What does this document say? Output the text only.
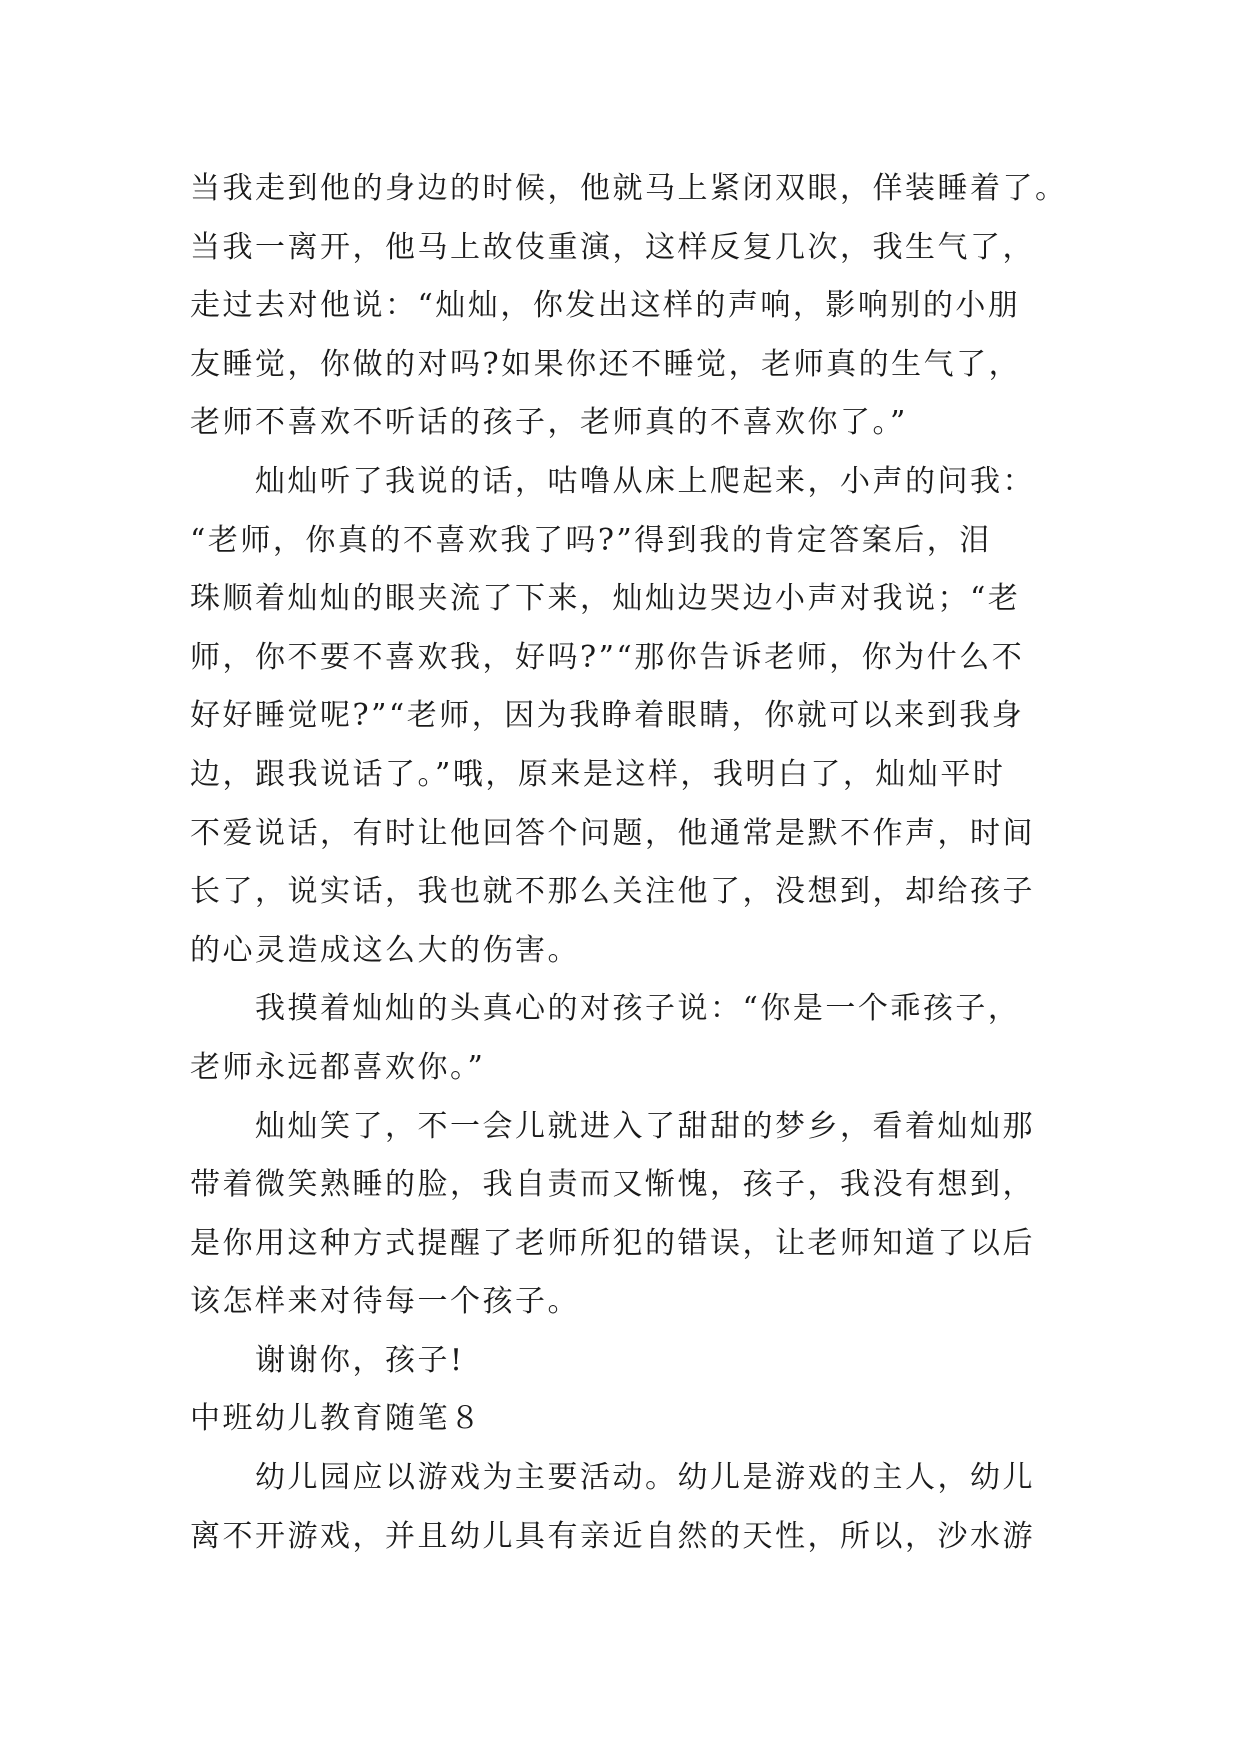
当我走到他的身边的时候，他就马上紧闭双眼，佯装睡着了。
当我一离开，他马上故伎重演，这样反复几次，我生气了，
走过去对他说：“灿灿，你发出这样的声响，影响别的小朋
友睡觉，你做的对吗?如果你还不睡觉，老师真的生气了，
老师不喜欢不听话的孩子，老师真的不喜欢你了。”
灿灿听了我说的话，咕噜从床上爬起来，小声的问我：
“老师，你真的不喜欢我了吗?”得到我的肯定答案后，泪
珠顺着灿灿的眼夹流了下来，灿灿边哭边小声对我说；“老
师，你不要不喜欢我，好吗?”“那你告诉老师，你为什么不
好好睡觉呢?”“老师，因为我睁着眼睛，你就可以来到我身
边，跟我说话了。”哦，原来是这样，我明白了，灿灿平时
不爱说话，有时让他回答个问题，他通常是默不作声，时间
长了，说实话，我也就不那么关注他了，没想到，却给孩子
的心灵造成这么大的伤害。
我摸着灿灿的头真心的对孩子说：“你是一个乖孩子，
老师永远都喜欢你。”
灿灿笑了，不一会儿就进入了甜甜的梦乡，看着灿灿那
带着微笑熟睡的脸，我自责而又惭愧，孩子，我没有想到，
是你用这种方式提醒了老师所犯的错误，让老师知道了以后
该怎样来对待每一个孩子。
谢谢你，孩子!
中班幼儿教育随笔８
幼儿园应以游戏为主要活动。幼儿是游戏的主人，幼儿
离不开游戏，并且幼儿具有亲近自然的天性，所以，沙水游
